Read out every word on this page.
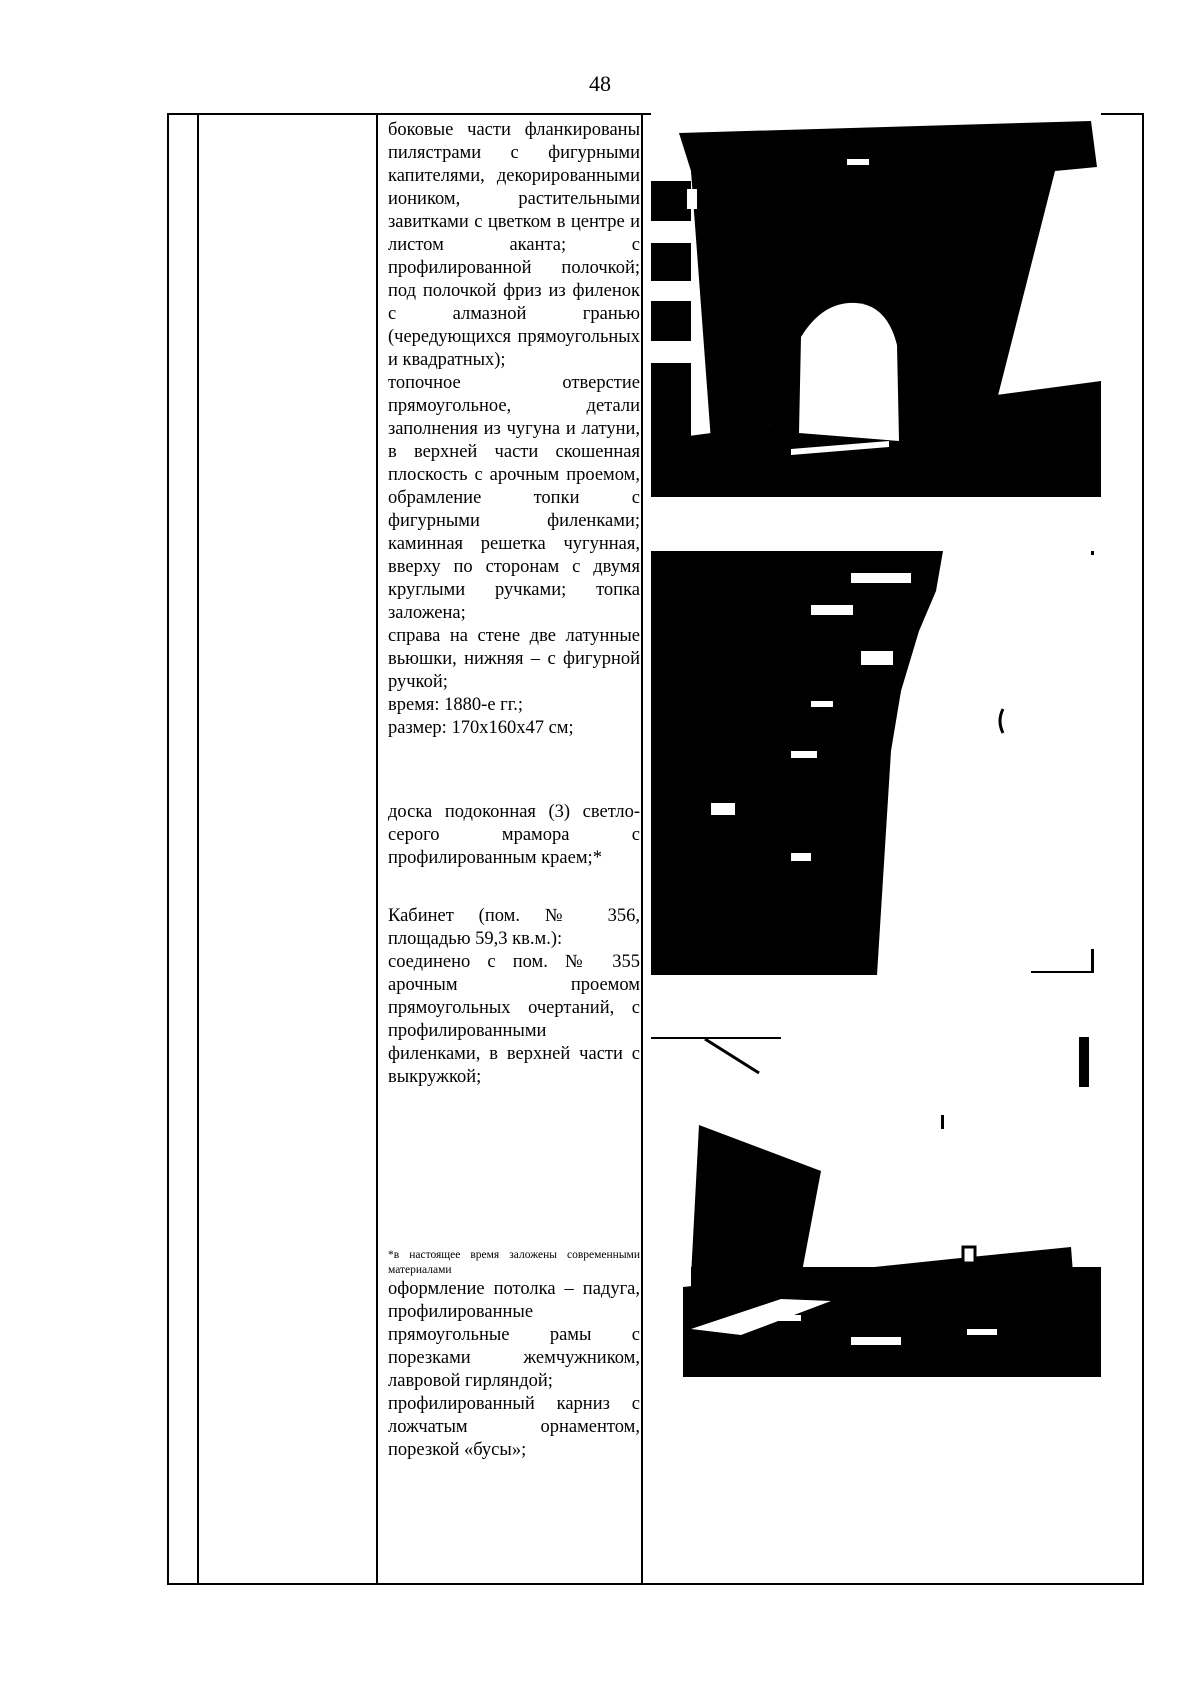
48

боковые части фланкированы пилястрами с фигурными капителями, декорированными иоником, растительными завитками с цветком в центре и листом аканта; с профилированной полочкой; под полочкой фриз из филенок с алмазной гранью (чередующихся прямоугольных и квадратных);

топочное отверстие прямоугольное, детали заполнения из чугуна и латуни, в верхней части скошенная плоскость с арочным проемом, обрамление топки с фигурными филенками; каминная решетка чугунная, вверху по сторонам с двумя круглыми ручками; топка заложена;

справа на стене две латунные вьюшки, нижняя – с фигурной ручкой;

время: 1880-е гг.;

размер: 170х160х47 см;

доска подоконная (3) светло-серого мрамора с профилированным краем;*

Кабинет (пом. № 356, площадью 59,3 кв.м.):

соединено с пом. № 355 арочным проемом прямоугольных очертаний, с профилированными филенками, в верхней части с выкружкой;

*в настоящее время заложены современными материалами

оформление потолка – падуга, профилированные прямоугольные рамы с порезками жемчужником, лавровой гирляндой;

профилированный карниз с ложчатым орнаментом, порезкой «бусы»;
